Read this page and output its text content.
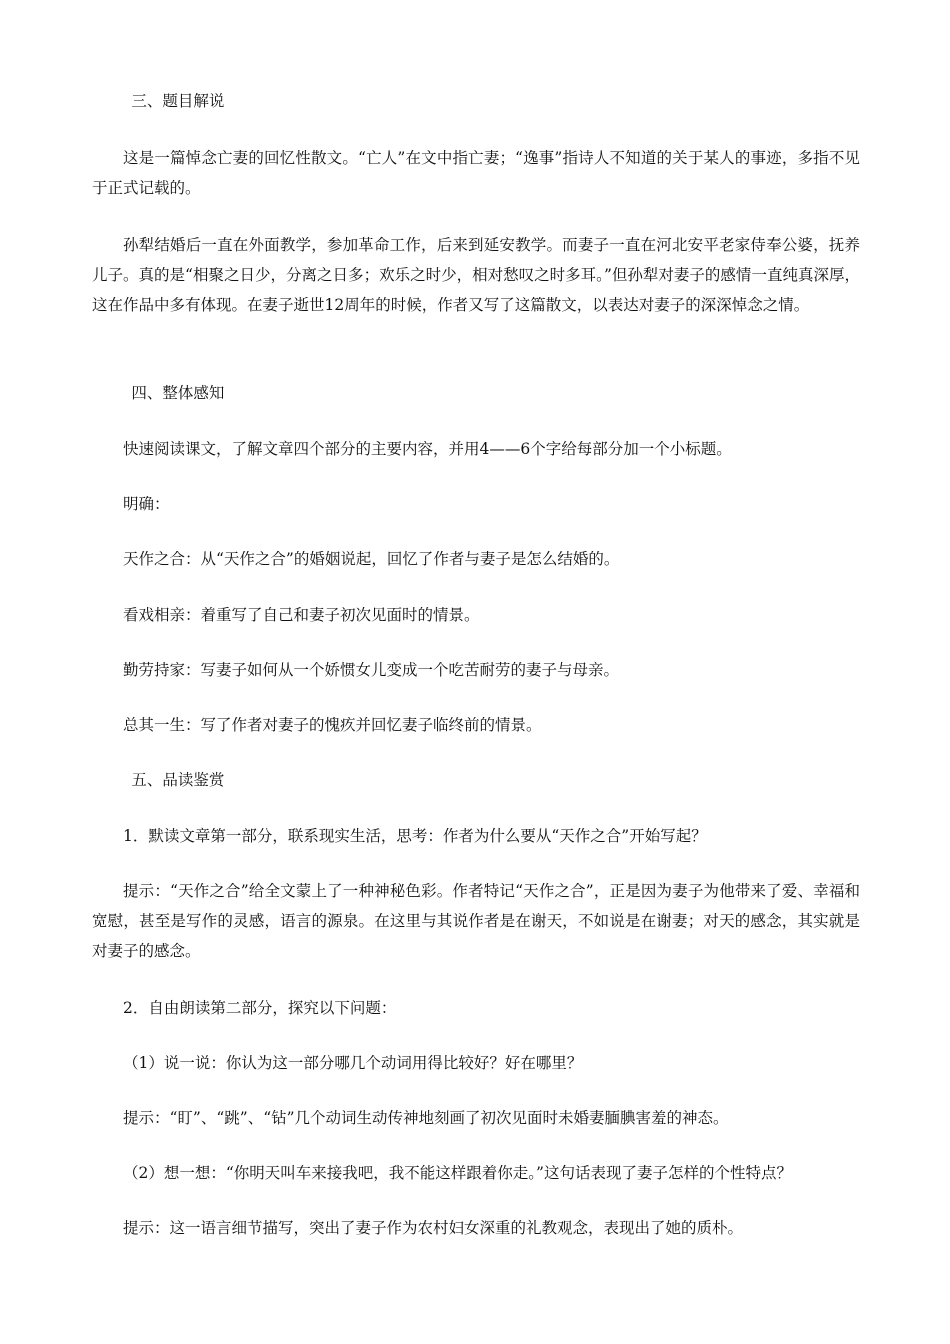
三、题目解说

这是一篇悼念亡妻的回忆性散文。“亡人”在文中指亡妻；“逸事”指诗人不知道的关于某人的事迹，多指不见于正式记载的。

孙犁结婚后一直在外面教学，参加革命工作，后来到延安教学。而妻子一直在河北安平老家侍奉公婆，抚养儿子。真的是“相聚之日少，分离之日多；欢乐之时少，相对愁叹之时多耳。”但孙犁对妻子的感情一直纯真深厚，这在作品中多有体现。在妻子逝世12周年的时候，作者又写了这篇散文，以表达对妻子的深深悼念之情。

四、整体感知

快速阅读课文，了解文章四个部分的主要内容，并用4——6个字给每部分加一个小标题。

明确：

天作之合：从“天作之合”的婚姻说起，回忆了作者与妻子是怎么结婚的。

看戏相亲：着重写了自己和妻子初次见面时的情景。

勤劳持家：写妻子如何从一个娇惯女儿变成一个吃苦耐劳的妻子与母亲。

总其一生：写了作者对妻子的愧疚并回忆妻子临终前的情景。

五、品读鉴赏

1．默读文章第一部分，联系现实生活，思考：作者为什么要从“天作之合”开始写起？

提示：“天作之合”给全文蒙上了一种神秘色彩。作者特记“天作之合”，正是因为妻子为他带来了爱、幸福和宽慰，甚至是写作的灵感，语言的源泉。在这里与其说作者是在谢天，不如说是在谢妻；对天的感念，其实就是对妻子的感念。

2．自由朗读第二部分，探究以下问题：

（1）说一说：你认为这一部分哪几个动词用得比较好？好在哪里？

提示：“盯”、“跳”、“钻”几个动词生动传神地刻画了初次见面时未婚妻腼腆害羞的神态。

（2）想一想：“你明天叫车来接我吧，我不能这样跟着你走。”这句话表现了妻子怎样的个性特点？

提示：这一语言细节描写，突出了妻子作为农村妇女深重的礼教观念，表现出了她的质朴。
